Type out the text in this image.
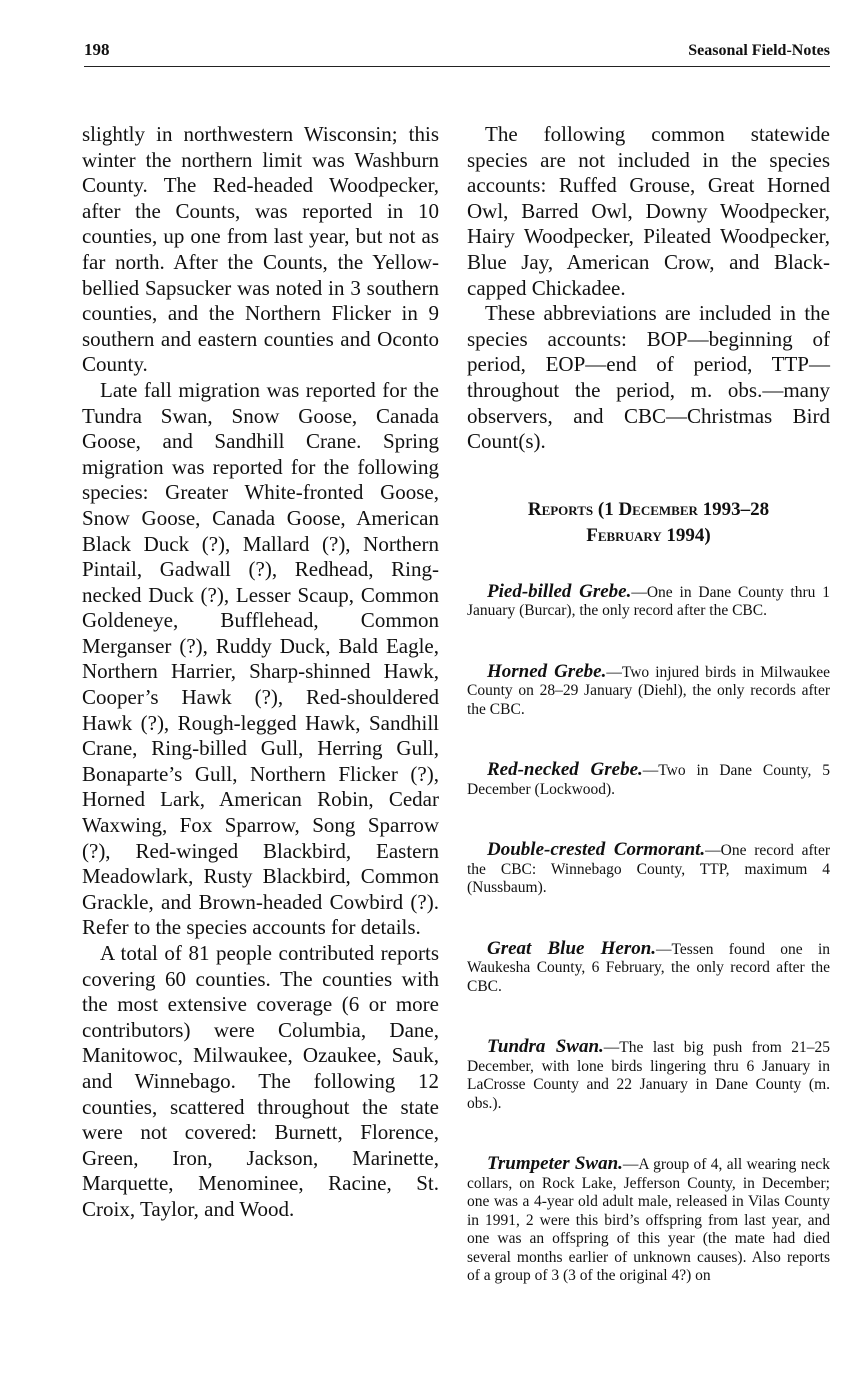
198	Seasonal Field-Notes

slightly in northwestern Wisconsin; this winter the northern limit was Washburn County. The Red-headed Woodpecker, after the Counts, was reported in 10 counties, up one from last year, but not as far north. After the Counts, the Yellow-bellied Sapsucker was noted in 3 southern counties, and the Northern Flicker in 9 southern and eastern counties and Oconto County.

Late fall migration was reported for the Tundra Swan, Snow Goose, Canada Goose, and Sandhill Crane. Spring migration was reported for the following species: Greater White-fronted Goose, Snow Goose, Canada Goose, American Black Duck (?), Mallard (?), Northern Pintail, Gadwall (?), Redhead, Ring-necked Duck (?), Lesser Scaup, Common Goldeneye, Bufflehead, Common Merganser (?), Ruddy Duck, Bald Eagle, Northern Harrier, Sharp-shinned Hawk, Cooper’s Hawk (?), Red-shouldered Hawk (?), Rough-legged Hawk, Sandhill Crane, Ring-billed Gull, Herring Gull, Bonaparte’s Gull, Northern Flicker (?), Horned Lark, American Robin, Cedar Waxwing, Fox Sparrow, Song Sparrow (?), Red-winged Blackbird, Eastern Meadowlark, Rusty Blackbird, Common Grackle, and Brown-headed Cowbird (?). Refer to the species accounts for details.

A total of 81 people contributed reports covering 60 counties. The counties with the most extensive coverage (6 or more contributors) were Columbia, Dane, Manitowoc, Milwaukee, Ozaukee, Sauk, and Winnebago. The following 12 counties, scattered throughout the state were not covered: Burnett, Florence, Green, Iron, Jackson, Marinette, Marquette, Menominee, Racine, St. Croix, Taylor, and Wood.

The following common statewide species are not included in the species accounts: Ruffed Grouse, Great Horned Owl, Barred Owl, Downy Woodpecker, Hairy Woodpecker, Pileated Woodpecker, Blue Jay, American Crow, and Black-capped Chickadee.

These abbreviations are included in the species accounts: BOP—beginning of period, EOP—end of period, TTP—throughout the period, m. obs.—many observers, and CBC—Christmas Bird Count(s).

Reports (1 December 1993–28
February 1994)

Pied-billed Grebe.—One in Dane County thru 1 January (Burcar), the only record after the CBC.

Horned Grebe.—Two injured birds in Milwaukee County on 28–29 January (Diehl), the only records after the CBC.

Red-necked Grebe.—Two in Dane County, 5 December (Lockwood).

Double-crested Cormorant.—One record after the CBC: Winnebago County, TTP, maximum 4 (Nussbaum).

Great Blue Heron.—Tessen found one in Waukesha County, 6 February, the only record after the CBC.

Tundra Swan.—The last big push from 21–25 December, with lone birds lingering thru 6 January in LaCrosse County and 22 January in Dane County (m. obs.).

Trumpeter Swan.—A group of 4, all wearing neck collars, on Rock Lake, Jefferson County, in December; one was a 4-year old adult male, released in Vilas County in 1991, 2 were this bird’s offspring from last year, and one was an offspring of this year (the mate had died several months earlier of unknown causes). Also reports of a group of 3 (3 of the original 4?) on
